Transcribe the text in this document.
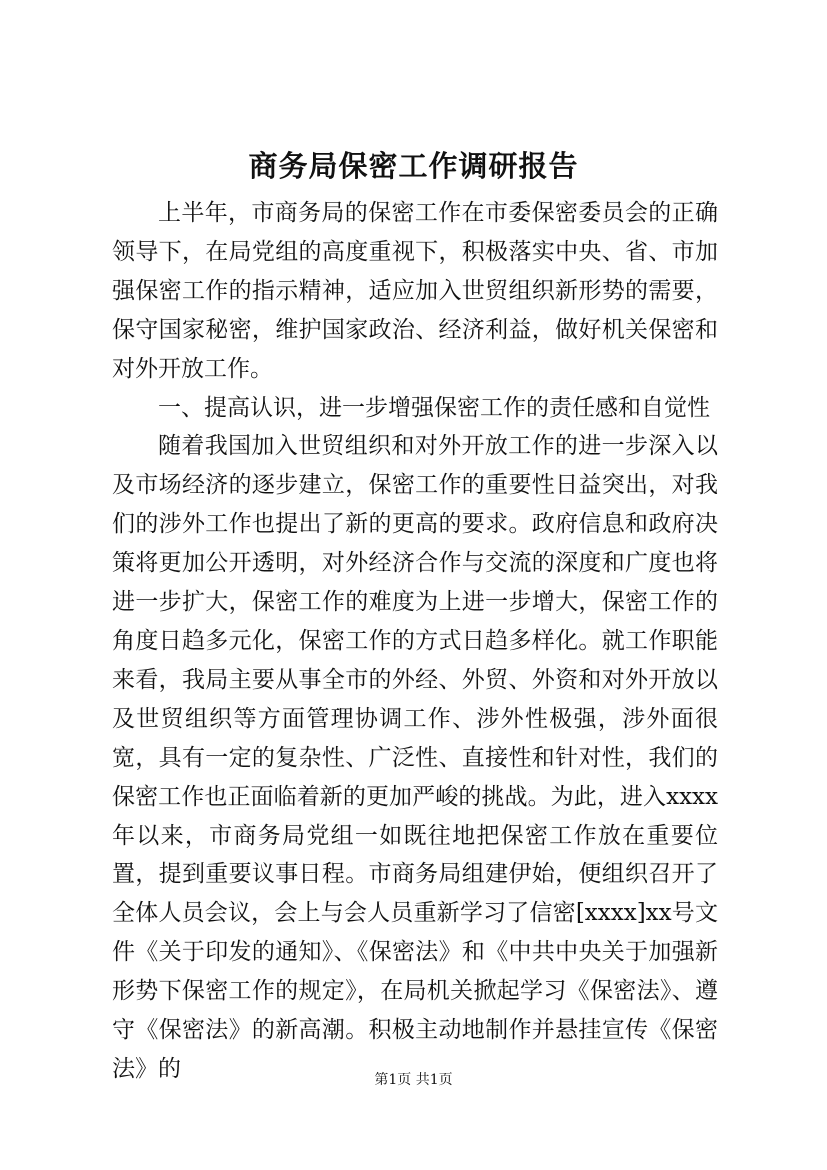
商务局保密工作调研报告

上半年，市商务局的保密工作在市委保密委员会的正确领导下，在局党组的高度重视下，积极落实中央、省、市加强保密工作的指示精神，适应加入世贸组织新形势的需要，保守国家秘密，维护国家政治、经济利益，做好机关保密和对外开放工作。

一、提高认识，进一步增强保密工作的责任感和自觉性

随着我国加入世贸组织和对外开放工作的进一步深入以及市场经济的逐步建立，保密工作的重要性日益突出，对我们的涉外工作也提出了新的更高的要求。政府信息和政府决策将更加公开透明，对外经济合作与交流的深度和广度也将进一步扩大，保密工作的难度为上进一步增大，保密工作的角度日趋多元化，保密工作的方式日趋多样化。就工作职能来看，我局主要从事全市的外经、外贸、外资和对外开放以及世贸组织等方面管理协调工作、涉外性极强，涉外面很宽，具有一定的复杂性、广泛性、直接性和针对性，我们的保密工作也正面临着新的更加严峻的挑战。为此，进入xxxx年以来，市商务局党组一如既往地把保密工作放在重要位置，提到重要议事日程。市商务局组建伊始，便组织召开了全体人员会议，会上与会人员重新学习了信密[xxxx]xx号文件《关于印发的通知》、《保密法》和《中共中央关于加强新形势下保密工作的规定》，在局机关掀起学习《保密法》、遵守《保密法》的新高潮。积极主动地制作并悬挂宣传《保密法》的	第1页 共1页
